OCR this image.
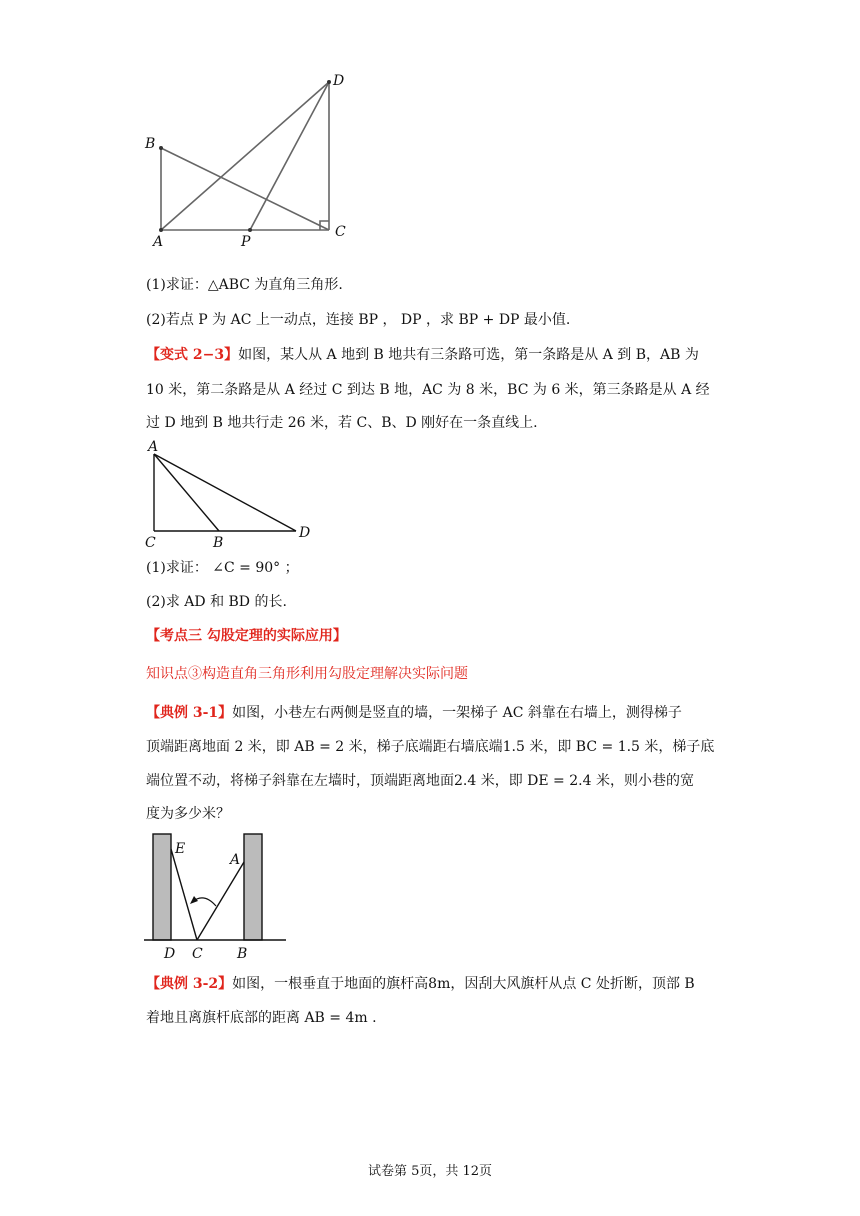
B
A	P
C
D
(1)求证：△ABC 为直角三角形.
(2)若点 P 为 AC 上一动点，连接 BP ， DP ，求 BP + DP 最小值.
【变式 2−3】如图，某人从 A 地到 B 地共有三条路可选，第一条路是从 A 到 B，AB 为
10 米，第二条路是从 A 经过 C 到达 B 地，AC 为 8 米，BC 为 6 米，第三条路是从 A 经
过 D 地到 B 地共行走 26 米，若 C、B、D 刚好在一条直线上.
A
C	B
D
(1)求证： ∠C = 90° ；
(2)求 AD 和 BD 的长.
【考点三 勾股定理的实际应用】
知识点③构造直角三角形利用勾股定理解决实际问题
【典例 3-1】如图，小巷左右两侧是竖直的墙，一架梯子 AC 斜靠在右墙上，测得梯子
顶端距离地面 2 米，即 AB = 2 米，梯子底端距右墙底端1.5 米，即 BC = 1.5 米，梯子底
端位置不动，将梯子斜靠在左墙时，顶端距离地面2.4 米，即 DE = 2.4 米，则小巷的宽
度为多少米？
E
A
D C B
【典例 3-2】如图，一根垂直于地面的旗杆高8m，因刮大风旗杆从点 C 处折断，顶部 B
着地且离旗杆底部的距离 AB = 4m .
试卷第 5页，共 12页
